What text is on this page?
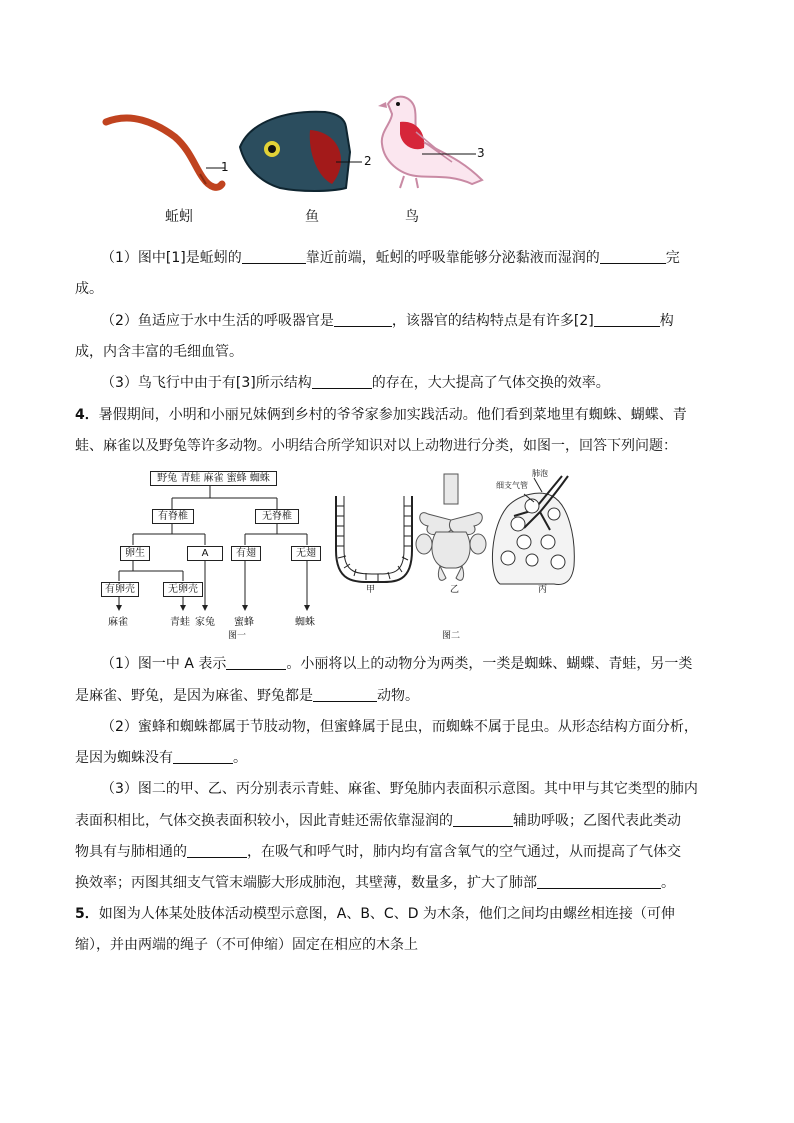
1	2
3
蚯蚓	鱼	鸟
（1）图中[1]是蚯蚓的	靠近前端，蚯蚓的呼吸靠能够分泌黏液而湿润的	完
成。
（2）鱼适应于水中生活的呼吸器官是	，该器官的结构特点是有许多[2]	构
成，内含丰富的毛细血管。
（3）鸟飞行中由于有[3]所示结构	的存在，大大提高了气体交换的效率。
4．暑假期间，小明和小丽兄妹俩到乡村的爷爷家参加实践活动。他们看到菜地里有蜘蛛、蝴蝶、青
蛙、麻雀以及野兔等许多动物。小明结合所学知识对以上动物进行分类，如图一，回答下列问题：
野兔 青蛙 麻雀 蜜蜂 蜘蛛
有脊椎	无脊椎
卵生	A	有翅	无翅
有卵壳	无卵壳
麻雀	青蛙 家兔 蜜蜂	蜘蛛
图一
甲	乙	丙
细支气管
肺泡
图二
（1）图一中 A 表示	。小丽将以上的动物分为两类，一类是蜘蛛、蝴蝶、青蛙，另一类
是麻雀、野兔，是因为麻雀、野兔都是	动物。
（2）蜜蜂和蜘蛛都属于节肢动物，但蜜蜂属于昆虫，而蜘蛛不属于昆虫。从形态结构方面分析，
是因为蜘蛛没有	。
（3）图二的甲、乙、丙分别表示青蛙、麻雀、野兔肺内表面积示意图。其中甲与其它类型的肺内
表面积相比，气体交换表面积较小，因此青蛙还需依靠湿润的	辅助呼吸；乙图代表此类动
物具有与肺相通的	，在吸气和呼气时，肺内均有富含氧气的空气通过，从而提高了气体交
换效率；丙图其细支气管末端膨大形成肺泡，其壁薄，数量多，扩大了肺部	。
5．如图为人体某处肢体活动模型示意图，A、B、C、D 为木条，他们之间均由螺丝相连接（可伸
缩），并由两端的绳子（不可伸缩）固定在相应的木条上
